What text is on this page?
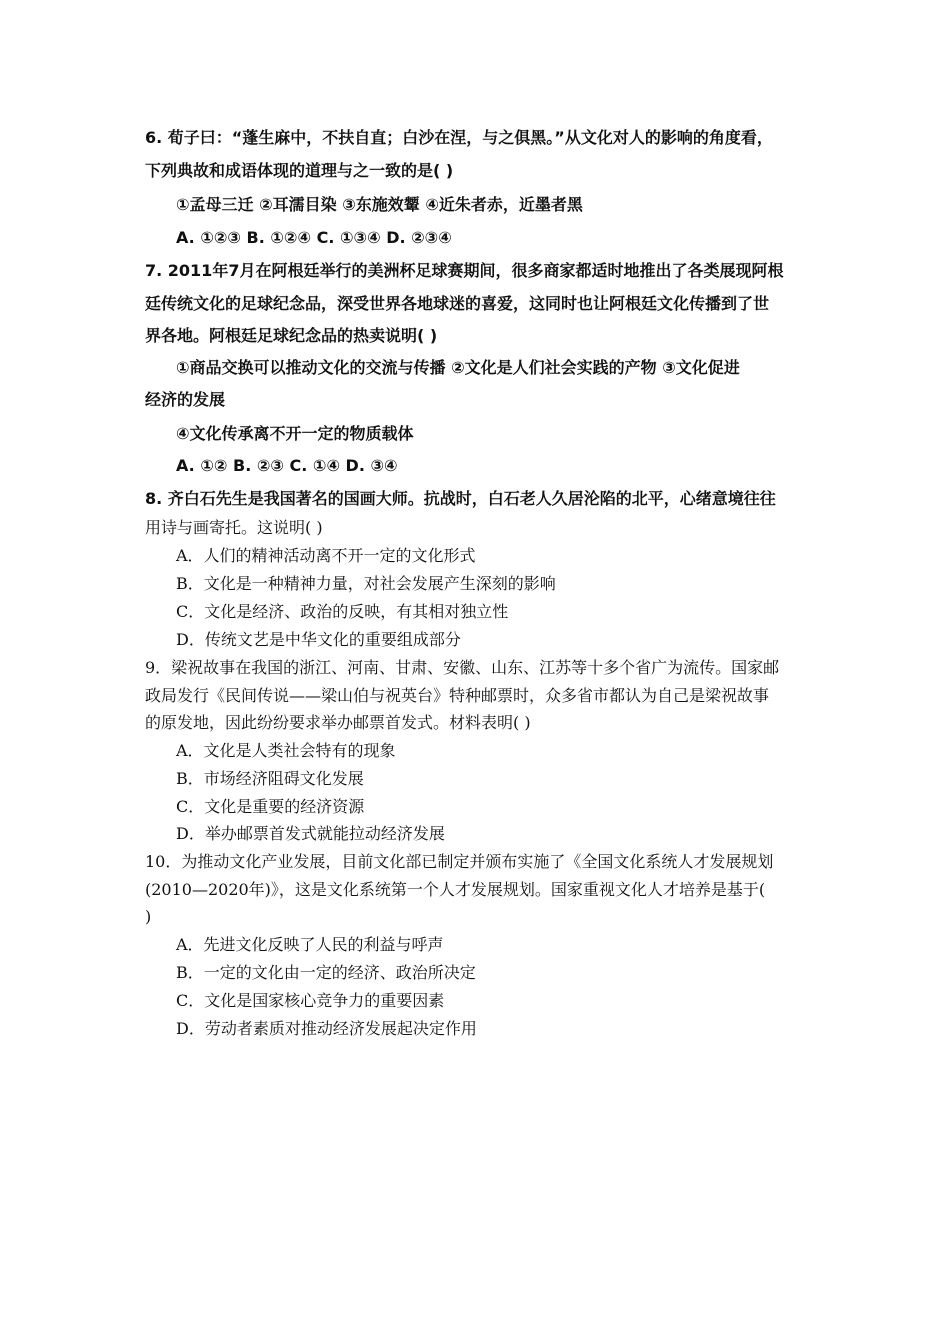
6. 荀子曰：“蓬生麻中，不扶自直；白沙在涅，与之俱黑。”从文化对人的影响的角度看，
下列典故和成语体现的道理与之一致的是( )
①孟母三迁 ②耳濡目染 ③东施效颦 ④近朱者赤，近墨者黑
A. ①②③ B. ①②④ C. ①③④ D. ②③④
7. 2011年7月在阿根廷举行的美洲杯足球赛期间，很多商家都适时地推出了各类展现阿根
廷传统文化的足球纪念品，深受世界各地球迷的喜爱，这同时也让阿根廷文化传播到了世
界各地。阿根廷足球纪念品的热卖说明( )
①商品交换可以推动文化的交流与传播 ②文化是人们社会实践的产物 ③文化促进
经济的发展
④文化传承离不开一定的物质载体
A. ①② B. ②③ C. ①④ D. ③④
8. 齐白石先生是我国著名的国画大师。抗战时，白石老人久居沦陷的北平，心绪意境往往
用诗与画寄托。这说明( )
A．人们的精神活动离不开一定的文化形式
B．文化是一种精神力量，对社会发展产生深刻的影响
C．文化是经济、政治的反映，有其相对独立性
D．传统文艺是中华文化的重要组成部分
9．梁祝故事在我国的浙江、河南、甘肃、安徽、山东、江苏等十多个省广为流传。国家邮
政局发行《民间传说——梁山伯与祝英台》特种邮票时，众多省市都认为自己是梁祝故事
的原发地，因此纷纷要求举办邮票首发式。材料表明( )
A．文化是人类社会特有的现象
B．市场经济阻碍文化发展
C．文化是重要的经济资源
D．举办邮票首发式就能拉动经济发展
10．为推动文化产业发展，目前文化部已制定并颁布实施了《全国文化系统人才发展规划
(2010—2020年)》，这是文化系统第一个人才发展规划。国家重视文化人才培养是基于(
)
A．先进文化反映了人民的利益与呼声
B．一定的文化由一定的经济、政治所决定
C．文化是国家核心竞争力的重要因素
D．劳动者素质对推动经济发展起决定作用
